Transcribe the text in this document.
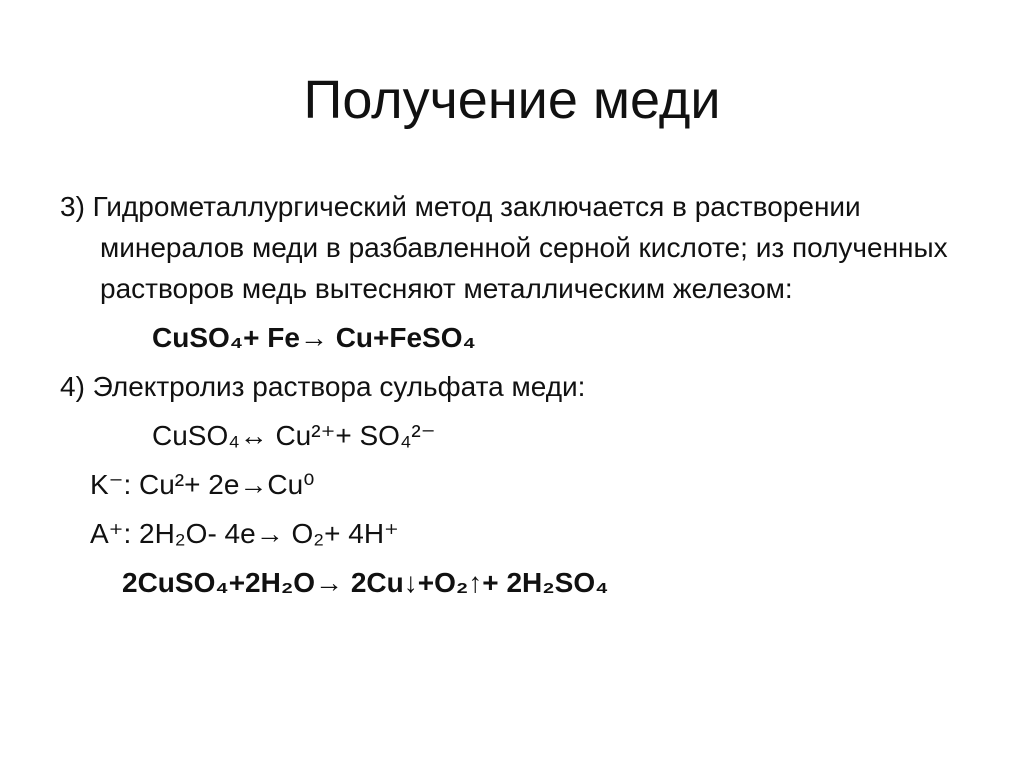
Получение меди

3) Гидрометаллургический метод заключается в растворении минералов меди в разбавленной серной кислоте; из полученных растворов медь вытесняют металлическим железом:

CuSO₄+ Fe→ Cu+FeSO₄

4) Электролиз раствора сульфата меди:

CuSO₄↔ Cu²⁺+ SO₄²⁻

K⁻: Cu²+ 2e→Cu⁰

A⁺: 2H₂O- 4e→ O₂+ 4H⁺

2CuSO₄+2H₂O→ 2Cu↓+O₂↑+ 2H₂SO₄
